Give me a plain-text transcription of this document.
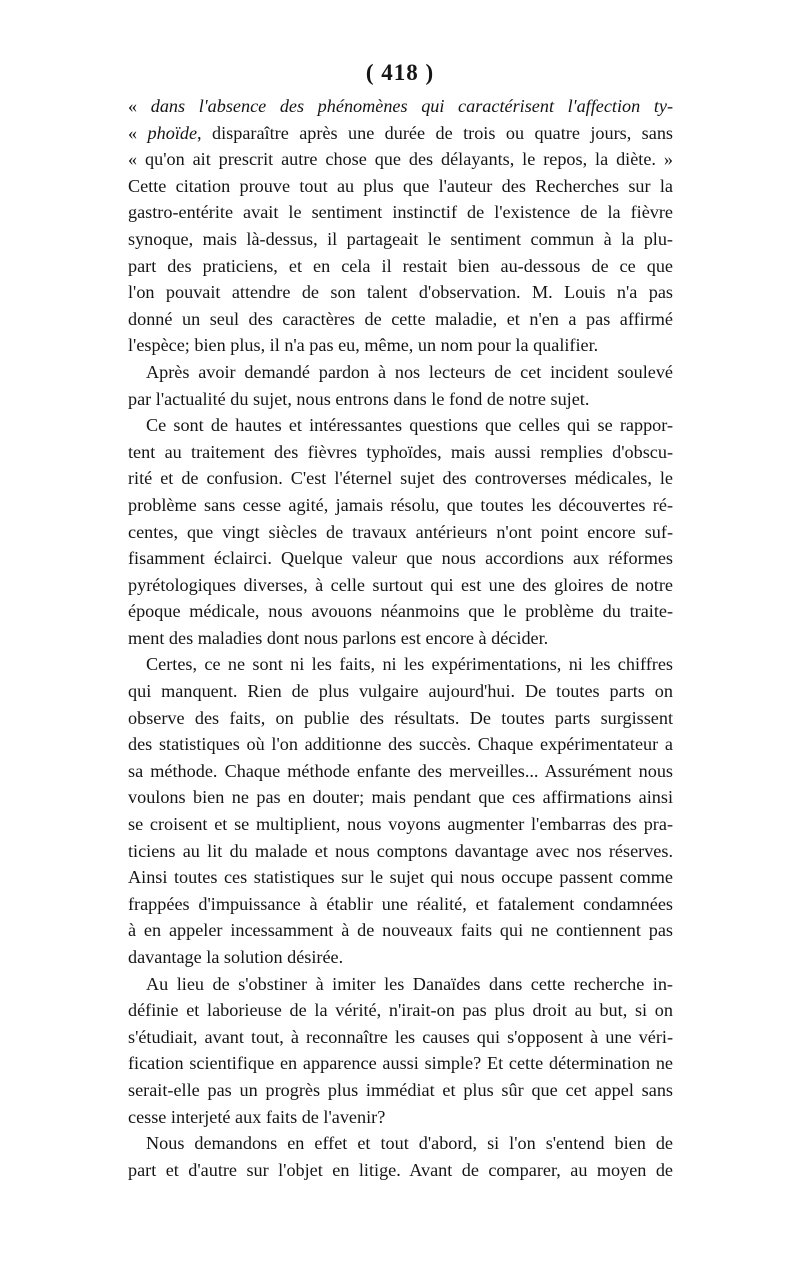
( 418 )
« dans l'absence des phénomènes qui caractérisent l'affection ty-
« phoïde, disparaître après une durée de trois ou quatre jours, sans
« qu'on ait prescrit autre chose que des délayants, le repos, la diète. »
Cette citation prouve tout au plus que l'auteur des Recherches sur la
gastro-entérite avait le sentiment instinctif de l'existence de la fièvre
synoque, mais là-dessus, il partageait le sentiment commun à la plu-
part des praticiens, et en cela il restait bien au-dessous de ce que
l'on pouvait attendre de son talent d'observation. M. Louis n'a pas
donné un seul des caractères de cette maladie, et n'en a pas affirmé
l'espèce; bien plus, il n'a pas eu, même, un nom pour la qualifier.
Après avoir demandé pardon à nos lecteurs de cet incident soulevé
par l'actualité du sujet, nous entrons dans le fond de notre sujet.
Ce sont de hautes et intéressantes questions que celles qui se rappor-
tent au traitement des fièvres typhoïdes, mais aussi remplies d'obscu-
rité et de confusion. C'est l'éternel sujet des controverses médicales, le
problème sans cesse agité, jamais résolu, que toutes les découvertes ré-
centes, que vingt siècles de travaux antérieurs n'ont point encore suf-
fisamment éclairci. Quelque valeur que nous accordions aux réformes
pyrétologiques diverses, à celle surtout qui est une des gloires de notre
époque médicale, nous avouons néanmoins que le problème du traite-
ment des maladies dont nous parlons est encore à décider.
Certes, ce ne sont ni les faits, ni les expérimentations, ni les chiffres
qui manquent. Rien de plus vulgaire aujourd'hui. De toutes parts on
observe des faits, on publie des résultats. De toutes parts surgissent
des statistiques où l'on additionne des succès. Chaque expérimentateur a
sa méthode. Chaque méthode enfante des merveilles... Assurément nous
voulons bien ne pas en douter; mais pendant que ces affirmations ainsi
se croisent et se multiplient, nous voyons augmenter l'embarras des pra-
ticiens au lit du malade et nous comptons davantage avec nos réserves.
Ainsi toutes ces statistiques sur le sujet qui nous occupe passent comme
frappées d'impuissance à établir une réalité, et fatalement condamnées
à en appeler incessamment à de nouveaux faits qui ne contiennent pas
davantage la solution désirée.
Au lieu de s'obstiner à imiter les Danaïdes dans cette recherche in-
définie et laborieuse de la vérité, n'irait-on pas plus droit au but, si on
s'étudiait, avant tout, à reconnaître les causes qui s'opposent à une véri-
fication scientifique en apparence aussi simple? Et cette détermination ne
serait-elle pas un progrès plus immédiat et plus sûr que cet appel sans
cesse interjeté aux faits de l'avenir?
Nous demandons en effet et tout d'abord, si l'on s'entend bien de
part et d'autre sur l'objet en litige. Avant de comparer, au moyen de
